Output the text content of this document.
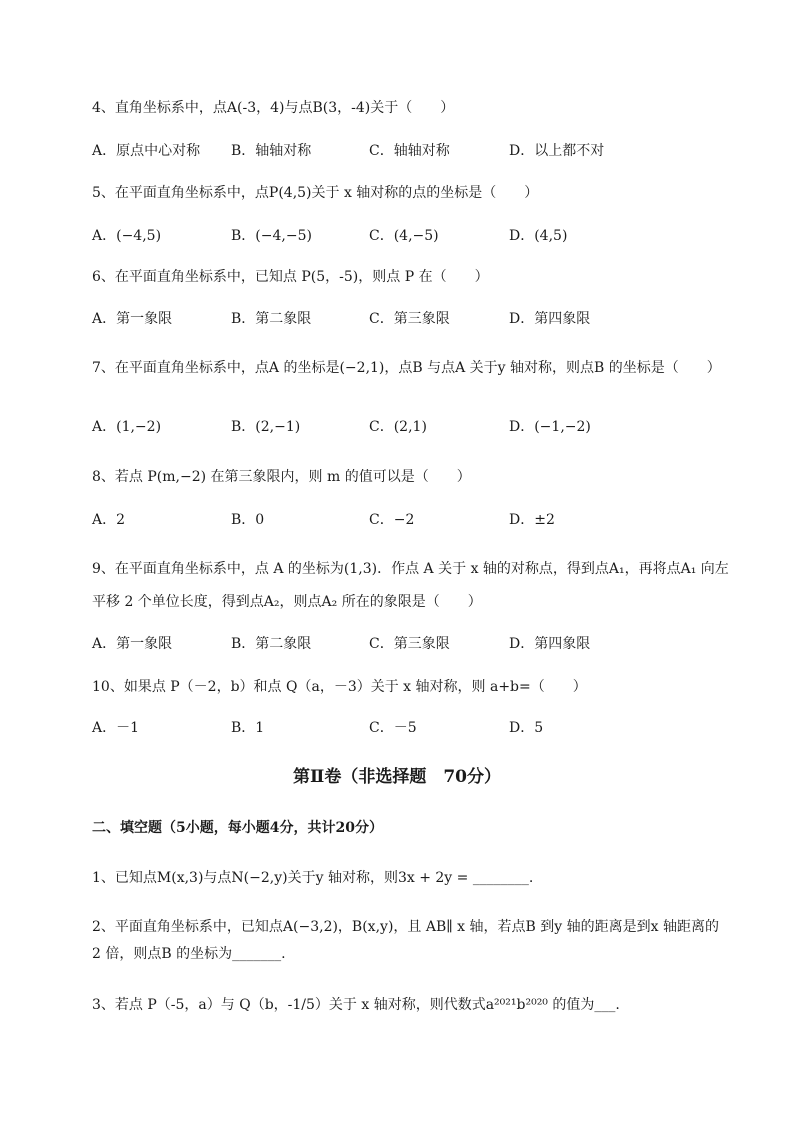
4、直角坐标系中，点A(-3，4)与点B(3，-4)关于（　　）
A．原点中心对称 B．轴轴对称	C．轴轴对称	D．以上都不对
5、在平面直角坐标系中，点P(4,5)关于 x 轴对称的点的坐标是（　　）
A．(−4,5)	B．(−4,−5)	C．(4,−5)	D．(4,5)
6、在平面直角坐标系中，已知点 P(5，-5)，则点 P 在（　　）
A．第一象限	B．第二象限	C．第三象限	D．第四象限
7、在平面直角坐标系中，点A 的坐标是(−2,1)，点B 与点A 关于y 轴对称，则点B 的坐标是（　　）
A．(1,−2)	B．(2,−1)	C．(2,1)	D．(−1,−2)
8、若点 P(m,−2) 在第三象限内，则 m 的值可以是（　　）
A．2	B．0	C．−2	D．±2
9、在平面直角坐标系中，点 A 的坐标为(1,3)．作点 A 关于 x 轴的对称点，得到点A₁，再将点A₁ 向左
平移 2 个单位长度，得到点A₂，则点A₂ 所在的象限是（　　）
A．第一象限	B．第二象限	C．第三象限	D．第四象限
10、如果点 P（－2，b）和点 Q（a，－3）关于 x 轴对称，则 a+b=（　　）
A．－1	B．1	C．－5	D．5
第Ⅱ卷（非选择题　70分）
二、填空题（5小题，每小题4分，共计20分）
1、已知点M(x,3)与点N(−2,y)关于y 轴对称，则3x + 2y = ________.
2、平面直角坐标系中，已知点A(−3,2)，B(x,y)，且 AB∥ x 轴，若点B 到y 轴的距离是到x 轴距离的
2 倍，则点B 的坐标为_______.
3、若点 P（-5，a）与 Q（b，-1/5）关于 x 轴对称，则代数式a²⁰²¹b²⁰²⁰ 的值为___.
